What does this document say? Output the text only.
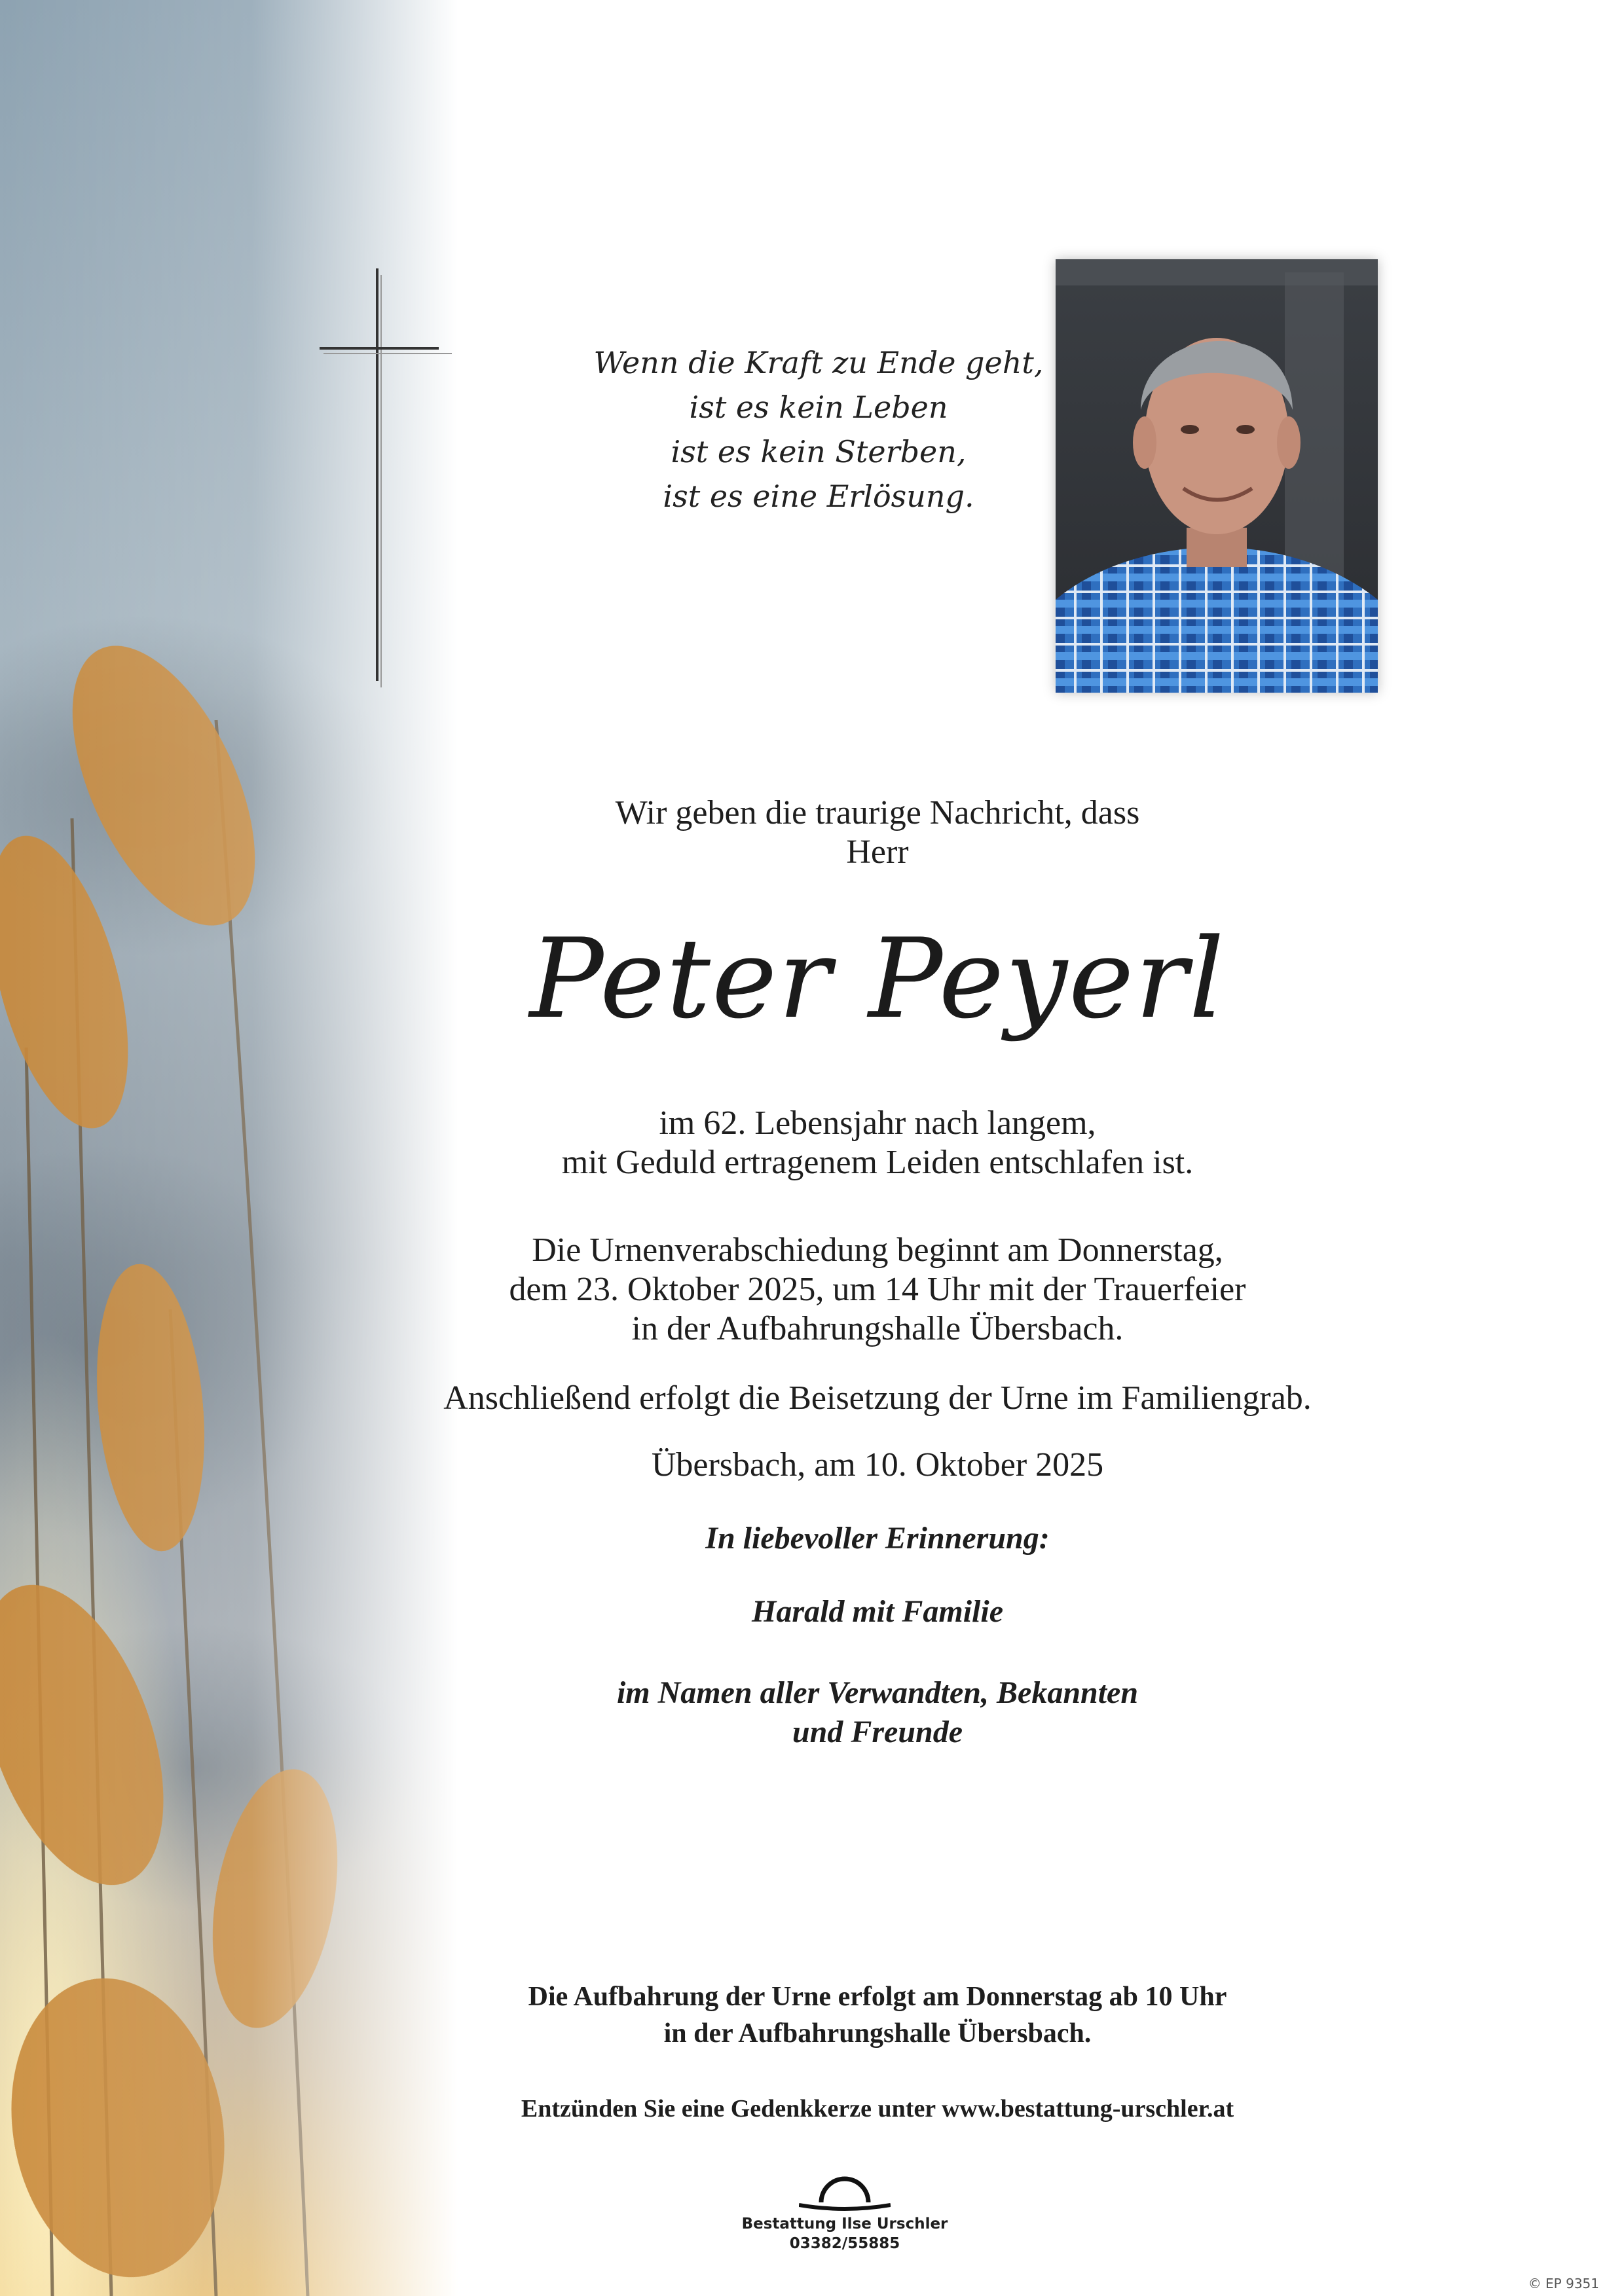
Wenn die Kraft zu Ende geht,
ist es kein Leben
ist es kein Sterben,
ist es eine Erlösung.
Wir geben die traurige Nachricht, dass
Herr
Peter Peyerl
im 62. Lebensjahr nach langem,
mit Geduld ertragenem Leiden entschlafen ist.
Die Urnenverabschiedung beginnt am Donnerstag,
dem 23. Oktober 2025, um 14 Uhr mit der Trauerfeier
in der Aufbahrungshalle Übersbach.
Anschließend erfolgt die Beisetzung der Urne im Familiengrab.
Übersbach, am 10. Oktober 2025
In liebevoller Erinnerung:
Harald mit Familie
im Namen aller Verwandten, Bekannten
und Freunde
Die Aufbahrung der Urne erfolgt am Donnerstag ab 10 Uhr
in der Aufbahrungshalle Übersbach.
Entzünden Sie eine Gedenkkerze unter www.bestattung-urschler.at
Bestattung Ilse Urschler
03382/55885
© EP 9351
